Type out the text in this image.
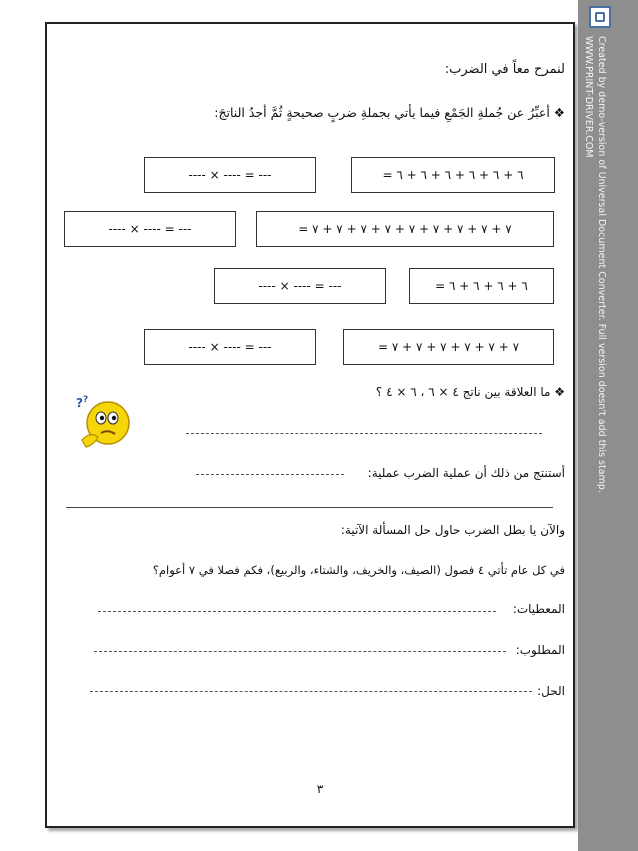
لنمرح معاً في الضرب:
❖ أعبِّرُ عن جُملةِ الجَمْعِ فيما يأتي بجملةِ ضربٍ صحيحةٍ ثُمَّ أجدُ الناتجَ:
٦ + ٦ + ٦ + ٦ + ٦ + ٦ =
---- × ---- = ---
٧ + ٧ + ٧ + ٧ + ٧ + ٧ + ٧ + ٧ + ٧ =
---- × ---- = ---
٦ + ٦ + ٦ + ٦ =
---- × ---- = ---
٧ + ٧ + ٧ + ٧ + ٧ + ٧ =
---- × ---- = ---
❖ ما العلاقة بين ناتج ٤ × ٦ ، ٦ × ٤ ؟
? ?
أستنتج من ذلك أن عملية الضرب عملية:
والآن يا بطل الضرب حاول حل المسألة الآتية:
في كل عام تأتي ٤ فصول (الصيف، والخريف، والشتاء، والربيع)، فكم فصلا في ٧ أعوام؟
المعطيات:
المطلوب:
الحل:
٣
Created by demo-version of Universal Document Converter. Full version doesn't add this stamp.
WWW.PRINT-DRIVER.COM
